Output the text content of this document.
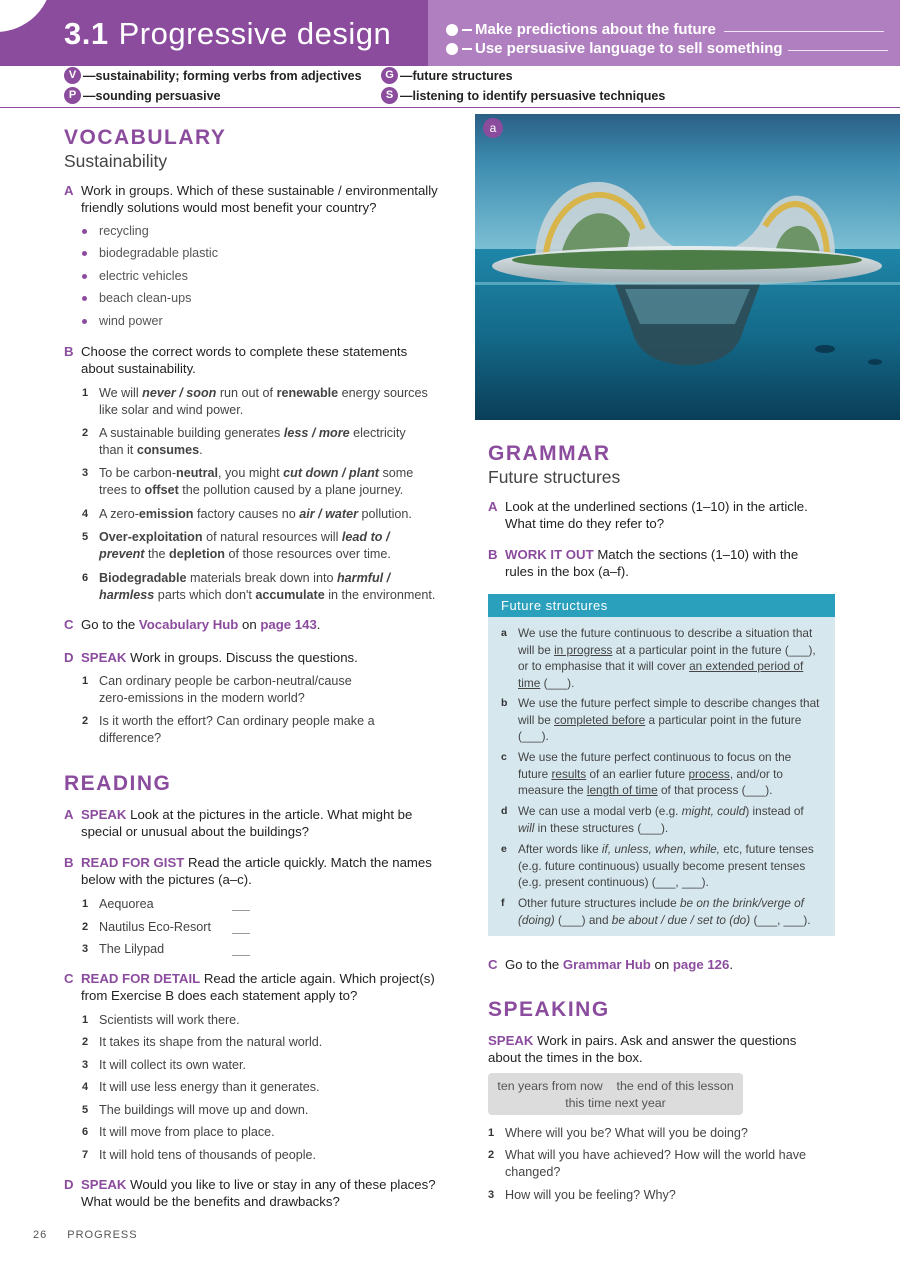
3.1 Progressive design	Make predictions about the future
Use persuasive language to sell something
V — sustainability; forming verbs from adjectives
P — sounding persuasive
G — future structures
S — listening to identify persuasive techniques
VOCABULARY
Sustainability
A Work in groups. Which of these sustainable / environmentally friendly solutions would most benefit your country?
recycling
biodegradable plastic
electric vehicles
beach clean-ups
wind power
B Choose the correct words to complete these statements about sustainability.
1 We will never / soon run out of renewable energy sources like solar and wind power.
2 A sustainable building generates less / more electricity than it consumes.
3 To be carbon-neutral, you might cut down / plant some trees to offset the pollution caused by a plane journey.
4 A zero-emission factory causes no air / water pollution.
5 Over-exploitation of natural resources will lead to / prevent the depletion of those resources over time.
6 Biodegradable materials break down into harmful / harmless parts which don't accumulate in the environment.
C Go to the Vocabulary Hub on page 143.
D SPEAK Work in groups. Discuss the questions.
1 Can ordinary people be carbon-neutral/cause zero-emissions in the modern world?
2 Is it worth the effort? Can ordinary people make a difference?
READING
A SPEAK Look at the pictures in the article. What might be special or unusual about the buildings?
B READ FOR GIST Read the article quickly. Match the names below with the pictures (a–c).
1 Aequorea
2 Nautilus Eco-Resort
3 The Lilypad
C READ FOR DETAIL Read the article again. Which project(s) from Exercise B does each statement apply to?
1 Scientists will work there.
2 It takes its shape from the natural world.
3 It will collect its own water.
4 It will use less energy than it generates.
5 The buildings will move up and down.
6 It will move from place to place.
7 It will hold tens of thousands of people.
D SPEAK Would you like to live or stay in any of these places? What would be the benefits and drawbacks?
a
GRAMMAR
Future structures
A Look at the underlined sections (1–10) in the article. What time do they refer to?
B WORK IT OUT Match the sections (1–10) with the rules in the box (a–f).
Future structures
a We use the future continuous to describe a situation that will be in progress at a particular point in the future (___), or to emphasise that it will cover an extended period of time (___).
b We use the future perfect simple to describe changes that will be completed before a particular point in the future (___).
c We use the future perfect continuous to focus on the future results of an earlier future process, and/or to measure the length of time of that process (___).
d We can use a modal verb (e.g. might, could) instead of will in these structures (___).
e After words like if, unless, when, while, etc, future tenses (e.g. future continuous) usually become present tenses (e.g. present continuous) (___, ___).
f Other future structures include be on the brink/verge of (doing) (___) and be about / due / set to (do) (___, ___).
C Go to the Grammar Hub on page 126.
SPEAKING
SPEAK Work in pairs. Ask and answer the questions about the times in the box.
ten years from now    the end of this lesson
this time next year
1 Where will you be? What will you be doing?
2 What will you have achieved? How will the world have changed?
3 How will you be feeling? Why?
26 PROGRESS
